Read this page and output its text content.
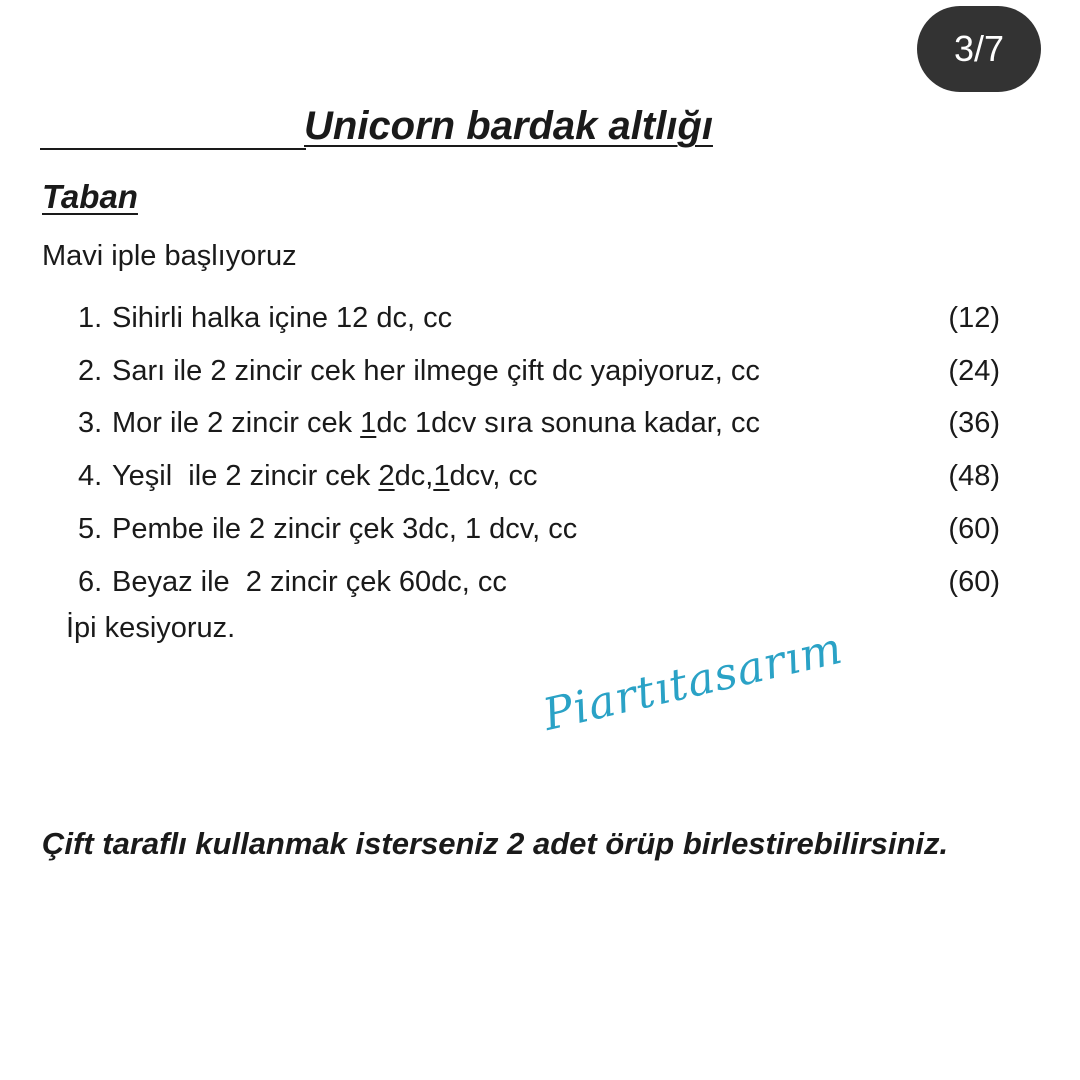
3/7
Unicorn bardak altlığı
Taban
Mavi iple başlıyoruz
1. Sihirli halka içine 12 dc, cc	(12)
2. Sarı ile 2 zincir cek her ilmege çift dc yapiyoruz, cc	(24)
3. Mor ile 2 zincir cek 1dc 1dcv sıra sonuna kadar, cc	(36)
4. Yeşil  ile 2 zincir cek 2dc,1dcv, cc	(48)
5. Pembe ile 2 zincir çek 3dc, 1 dcv, cc	(60)
6. Beyaz ile  2 zincir çek 60dc, cc	(60)
İpi kesiyoruz.	Piartıtasarım
Çift taraflı kullanmak isterseniz 2 adet örüp birlestirebilirsiniz.
